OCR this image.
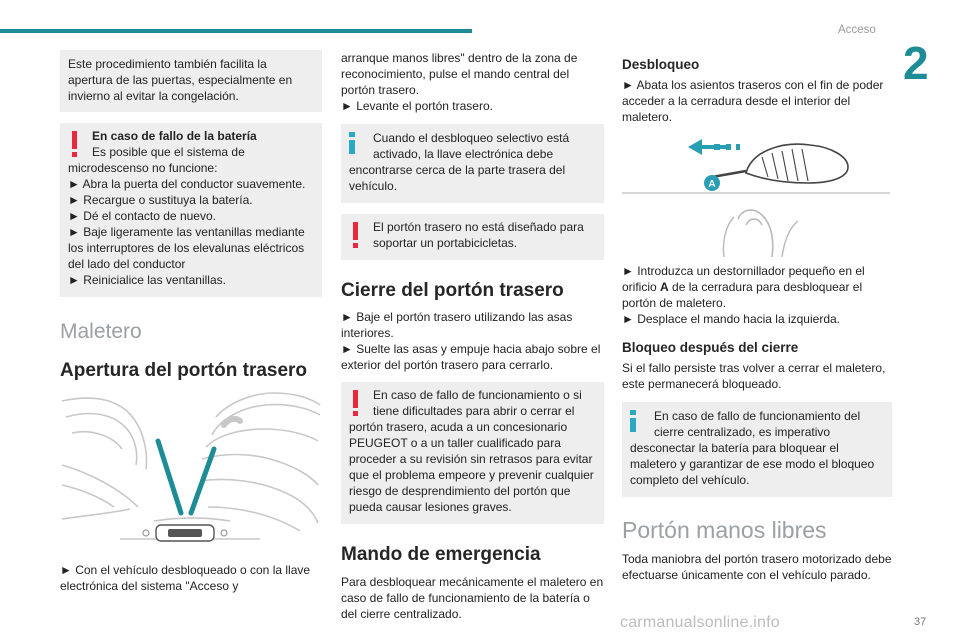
Acceso
2

Este procedimiento también facilita la apertura de las puertas, especialmente en invierno al evitar la congelación.

En caso de fallo de la batería

Es posible que el sistema de

microdescenso no funcione:

► Abra la puerta del conductor suavemente.

► Recargue o sustituya la batería.

► Dé el contacto de nuevo.

► Baje ligeramente las ventanillas mediante los interruptores de los elevalunas eléctricos del lado del conductor

► Reinicialice las ventanillas.

Maletero

Apertura del portón trasero

► Con el vehículo desbloqueado o con la llave electrónica del sistema "Acceso y

arranque manos libres" dentro de la zona de reconocimiento, pulse el mando central del portón trasero.

► Levante el portón trasero.

Cuando el desbloqueo selectivo está

activado, la llave electrónica debe

encontrarse cerca de la parte trasera del vehículo.

El portón trasero no está diseñado para

soportar un portabicicletas.

Cierre del portón trasero

► Baje el portón trasero utilizando las asas interiores.

► Suelte las asas y empuje hacia abajo sobre el exterior del portón trasero para cerrarlo.

En caso de fallo de funcionamiento o si

tiene dificultades para abrir o cerrar el

portón trasero, acuda a un concesionario PEUGEOT o a un taller cualificado para proceder a su revisión sin retrasos para evitar que el problema empeore y prevenir cualquier riesgo de desprendimiento del portón que pueda causar lesiones graves.

Mando de emergencia

Para desbloquear mecánicamente el maletero en caso de fallo de funcionamiento de la batería o del cierre centralizado.

Desbloqueo

► Abata los asientos traseros con el fin de poder acceder a la cerradura desde el interior del maletero.

A

► Introduzca un destornillador pequeño en el orificio A de la cerradura para desbloquear el portón de maletero.

► Desplace el mando hacia la izquierda.

Bloqueo después del cierre

Si el fallo persiste tras volver a cerrar el maletero, este permanecerá bloqueado.

En caso de fallo de funcionamiento del

cierre centralizado, es imperativo

desconectar la batería para bloquear el maletero y garantizar de ese modo el bloqueo completo del vehículo.

Portón manos libres

Toda maniobra del portón trasero motorizado debe efectuarse únicamente con el vehículo parado.

carmanualsonline.info	37
